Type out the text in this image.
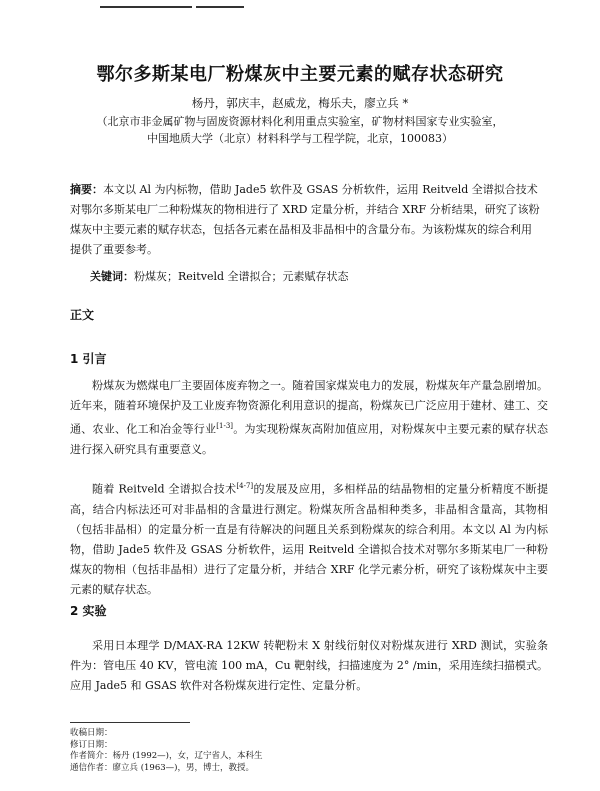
鄂尔多斯某电厂粉煤灰中主要元素的赋存状态研究
杨丹，郭庆丰，赵威龙，梅乐夫，廖立兵 *
（北京市非金属矿物与固废资源材料化利用重点实验室，矿物材料国家专业实验室，
中国地质大学（北京）材料科学与工程学院，北京，100083）
摘要：本文以 Al 为内标物，借助 Jade5 软件及 GSAS 分析软件，运用 Reitveld 全谱拟合技术对鄂尔多斯某电厂二种粉煤灰的物相进行了 XRD 定量分析，并结合 XRF 分析结果，研究了该粉煤灰中主要元素的赋存状态，包括各元素在晶相及非晶相中的含量分布。为该粉煤灰的综合利用提供了重要参考。
关键词：粉煤灰；Reitveld 全谱拟合；元素赋存状态
正文
1 引言
粉煤灰为燃煤电厂主要固体废弃物之一。随着国家煤炭电力的发展，粉煤灰年产量急剧增加。近年来，随着环境保护及工业废弃物资源化利用意识的提高，粉煤灰已广泛应用于建材、建工、交通、农业、化工和冶金等行业[1-3]。为实现粉煤灰高附加值应用，对粉煤灰中主要元素的赋存状态进行探入研究具有重要意义。
随着 Reitveld 全谱拟合技术[4-7]的发展及应用，多相样品的结晶物相的定量分析精度不断提高，结合内标法还可对非晶相的含量进行测定。粉煤灰所含晶相种类多，非晶相含量高，其物相（包括非晶相）的定量分析一直是有待解决的问题且关系到粉煤灰的综合利用。本文以 Al 为内标物，借助 Jade5 软件及 GSAS 分析软件，运用 Reitveld 全谱拟合技术对鄂尔多斯某电厂一种粉煤灰的物相（包括非晶相）进行了定量分析，并结合 XRF 化学元素分析，研究了该粉煤灰中主要元素的赋存状态。
2 实验
采用日本理学 D/MAX-RA 12KW 转靶粉末 X 射线衍射仪对粉煤灰进行 XRD 测试，实验条件为：管电压 40 KV，管电流 100 mA，Cu 靶射线，扫描速度为 2° /min，采用连续扫描模式。应用 Jade5 和 GSAS 软件对各粉煤灰进行定性、定量分析。
收稿日期：
修订日期：
作者简介：杨丹 (1992—)，女，辽宁省人，本科生
通信作者：廖立兵 (1963—)，男，博士，教授。
